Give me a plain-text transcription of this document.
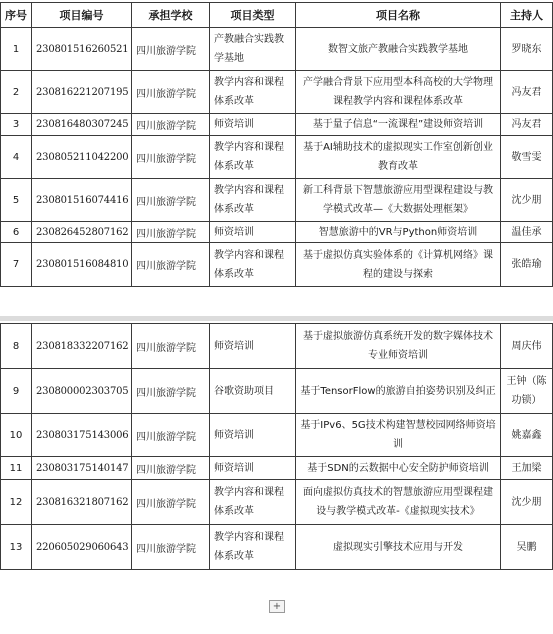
序号	项目编号	承担学校	项目类型	项目名称	主持人
1	230801516260521	四川旅游学院	产教融合实践教学基地	数智文旅产教融合实践教学基地	罗晓东
2	230816221207195	四川旅游学院	教学内容和课程体系改革	产学融合背景下应用型本科高校的大学物理课程教学内容和课程体系改革	冯友君
3	230816480307245	四川旅游学院	师资培训	基于量子信息“一流课程”建设师资培训	冯友君
4	230805211042200	四川旅游学院	教学内容和课程体系改革	基于AI辅助技术的虚拟现实工作室创新创业教育改革	敬雪雯
5	230801516074416	四川旅游学院	教学内容和课程体系改革	新工科背景下智慧旅游应用型课程建设与教学模式改革—《大数据处理框架》	沈少朋
6	230826452807162	四川旅游学院	师资培训	智慧旅游中的VR与Python师资培训	温佳承
7	230801516084810	四川旅游学院	教学内容和课程体系改革	基于虚拟仿真实验体系的《计算机网络》课程的建设与探索	张皓瑜
8	230818332207162	四川旅游学院	师资培训	基于虚拟旅游仿真系统开发的数字媒体技术专业师资培训	周庆伟
9	230800002303705	四川旅游学院	谷歌资助项目	基于TensorFlow的旅游自拍姿势识别及纠正	王钟（陈功锁）
10	230803175143006	四川旅游学院	师资培训	基于IPv6、5G技术构建智慧校园网络师资培训	姚嘉鑫
11	230803175140147	四川旅游学院	师资培训	基于SDN的云数据中心安全防护师资培训	王加梁
12	230816321807162	四川旅游学院	教学内容和课程体系改革	面向虚拟仿真技术的智慧旅游应用型课程建设与教学模式改革-《虚拟现实技术》	沈少朋
13	220605029060643	四川旅游学院	教学内容和课程体系改革	虚拟现实引擎技术应用与开发	吴鹏
+
